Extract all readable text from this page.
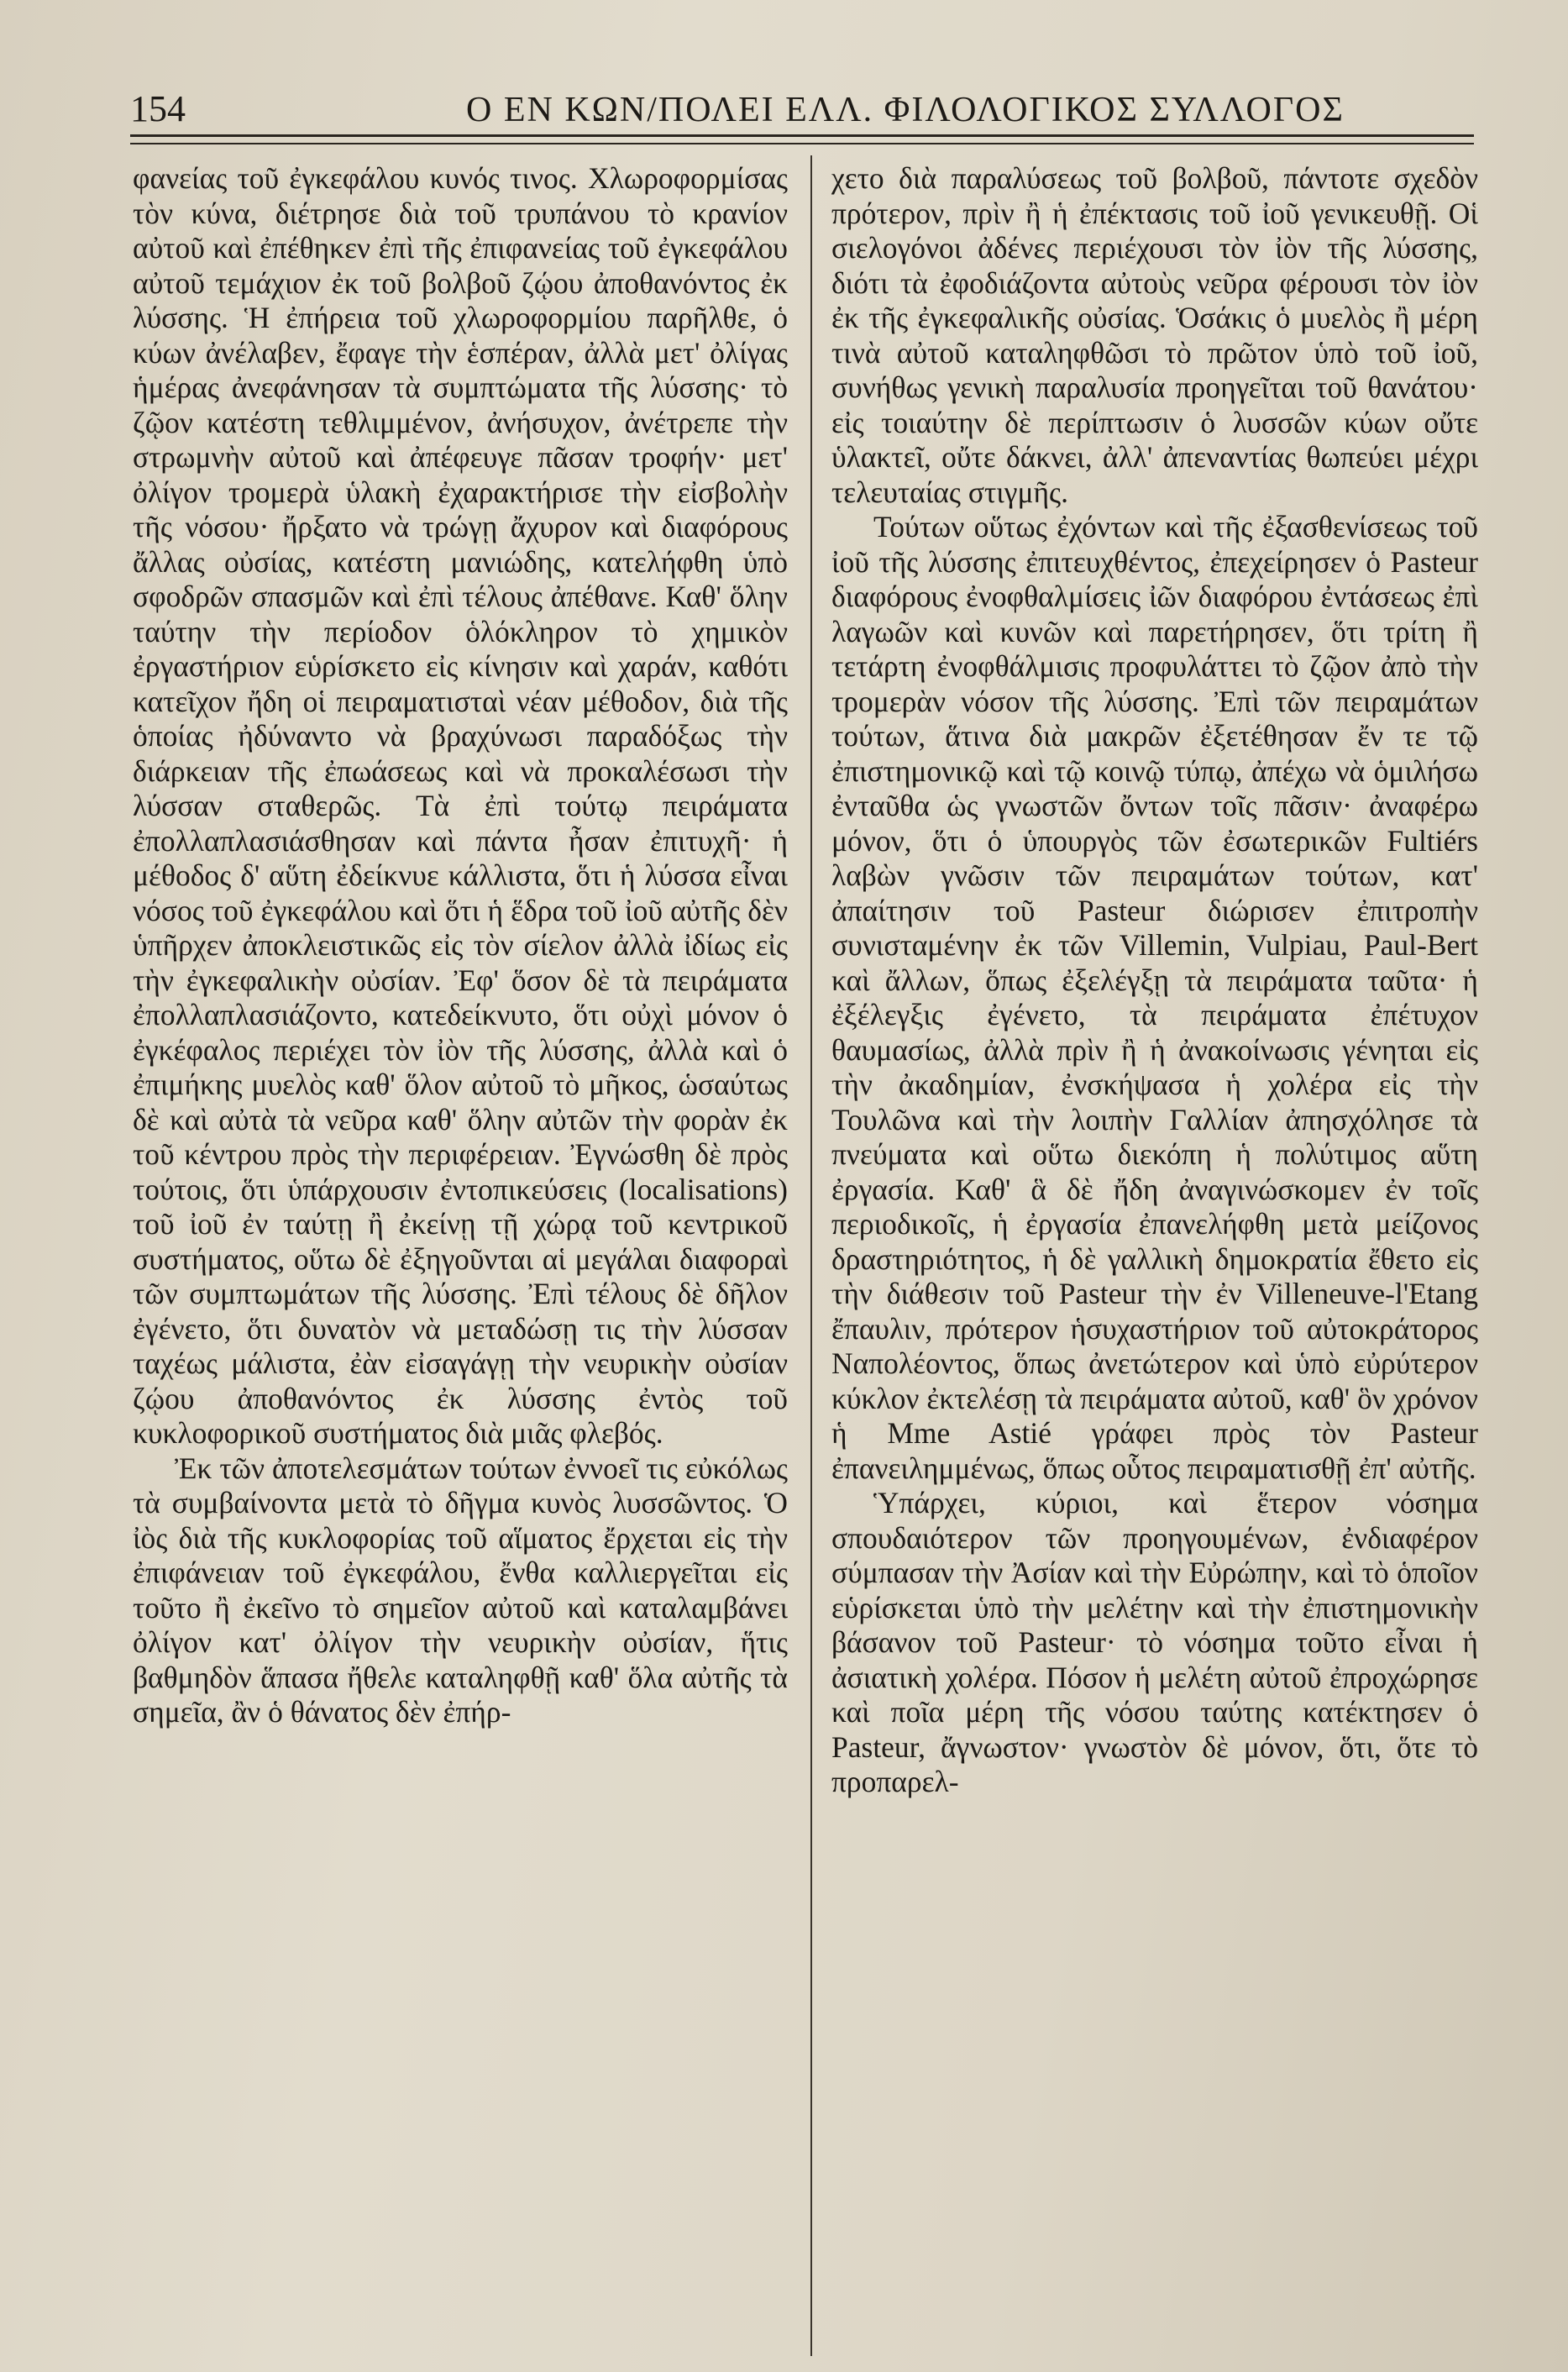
154	Ο ΕΝ ΚΩΝ/ΠΟΛΕΙ ΕΛΛ. ΦΙΛΟΛΟΓΙΚΟΣ ΣΥΛΛΟΓΟΣ

φανείας τοῦ ἐγκεφάλου κυνός τινος. Χλωροφορμίσας τὸν κύνα, διέτρησε διὰ τοῦ τρυπάνου τὸ κρανίον αὐτοῦ καὶ ἐπέθηκεν ἐπὶ τῆς ἐπιφανείας τοῦ ἐγκεφάλου αὐτοῦ τεμάχιον ἐκ τοῦ βολβοῦ ζῴου ἀποθανόντος ἐκ λύσσης. Ἡ ἐπήρεια τοῦ χλωροφορμίου παρῆλθε, ὁ κύων ἀνέλαβεν, ἔφαγε τὴν ἑσπέραν, ἀλλὰ μετ' ὀλίγας ἡμέρας ἀνεφάνησαν τὰ συμπτώματα τῆς λύσσης· τὸ ζῷον κατέστη τεθλιμμένον, ἀνήσυχον, ἀνέτρεπε τὴν στρωμνὴν αὐτοῦ καὶ ἀπέφευγε πᾶσαν τροφήν· μετ' ὀλίγον τρομερὰ ὑλακὴ ἐχαρακτήρισε τὴν εἰσβολὴν τῆς νόσου· ἤρξατο νὰ τρώγῃ ἄχυρον καὶ διαφόρους ἄλλας οὐσίας, κατέστη μανιώδης, κατελήφθη ὑπὸ σφοδρῶν σπασμῶν καὶ ἐπὶ τέλους ἀπέθανε. Καθ' ὅλην ταύτην τὴν περίοδον ὁλόκληρον τὸ χημικὸν ἐργαστήριον εὑρίσκετο εἰς κίνησιν καὶ χαράν, καθότι κατεῖχον ἤδη οἱ πειραματισταὶ νέαν μέθοδον, διὰ τῆς ὁποίας ἠδύναντο νὰ βραχύνωσι παραδόξως τὴν διάρκειαν τῆς ἐπωάσεως καὶ νὰ προκαλέσωσι τὴν λύσσαν σταθερῶς. Τὰ ἐπὶ τούτῳ πειράματα ἐπολλαπλασιάσθησαν καὶ πάντα ἦσαν ἐπιτυχῆ· ἡ μέθοδος δ' αὕτη ἐδείκνυε κάλλιστα, ὅτι ἡ λύσσα εἶναι νόσος τοῦ ἐγκεφάλου καὶ ὅτι ἡ ἕδρα τοῦ ἰοῦ αὐτῆς δὲν ὑπῆρχεν ἀποκλειστικῶς εἰς τὸν σίελον ἀλλὰ ἰδίως εἰς τὴν ἐγκεφαλικὴν οὐσίαν. Ἐφ' ὅσον δὲ τὰ πειράματα ἐπολλαπλασιάζοντο, κατεδείκνυτο, ὅτι οὐχὶ μόνον ὁ ἐγκέφαλος περιέχει τὸν ἰὸν τῆς λύσσης, ἀλλὰ καὶ ὁ ἐπιμήκης μυελὸς καθ' ὅλον αὐτοῦ τὸ μῆκος, ὡσαύτως δὲ καὶ αὐτὰ τὰ νεῦρα καθ' ὅλην αὐτῶν τὴν φορὰν ἐκ τοῦ κέντρου πρὸς τὴν περιφέρειαν. Ἐγνώσθη δὲ πρὸς τούτοις, ὅτι ὑπάρχουσιν ἐντοπικεύσεις (localisations) τοῦ ἰοῦ ἐν ταύτῃ ἢ ἐκείνῃ τῇ χώρᾳ τοῦ κεντρικοῦ συστήματος, οὕτω δὲ ἐξηγοῦνται αἱ μεγάλαι διαφοραὶ τῶν συμπτωμάτων τῆς λύσσης. Ἐπὶ τέλους δὲ δῆλον ἐγένετο, ὅτι δυνατὸν νὰ μεταδώσῃ τις τὴν λύσσαν ταχέως μάλιστα, ἐὰν εἰσαγάγῃ τὴν νευρικὴν οὐσίαν ζῴου ἀποθανόντος ἐκ λύσσης ἐντὸς τοῦ κυκλοφορικοῦ συστήματος διὰ μιᾶς φλεβός.

Ἐκ τῶν ἀποτελεσμάτων τούτων ἐννοεῖ τις εὐκόλως τὰ συμβαίνοντα μετὰ τὸ δῆγμα κυνὸς λυσσῶντος. Ὁ ἰὸς διὰ τῆς κυκλοφορίας τοῦ αἵματος ἔρχεται εἰς τὴν ἐπιφάνειαν τοῦ ἐγκεφάλου, ἔνθα καλλιεργεῖται εἰς τοῦτο ἢ ἐκεῖνο τὸ σημεῖον αὐτοῦ καὶ καταλαμβάνει ὀλίγον κατ' ὀλίγον τὴν νευρικὴν οὐσίαν, ἥτις βαθμηδὸν ἅπασα ἤθελε καταληφθῇ καθ' ὅλα αὐτῆς τὰ σημεῖα, ἂν ὁ θάνατος δὲν ἐπήρ-

χετο διὰ παραλύσεως τοῦ βολβοῦ, πάντοτε σχεδὸν πρότερον, πρὶν ἢ ἡ ἐπέκτασις τοῦ ἰοῦ γενικευθῇ. Οἱ σιελογόνοι ἀδένες περιέχουσι τὸν ἰὸν τῆς λύσσης, διότι τὰ ἐφοδιάζοντα αὐτοὺς νεῦρα φέρουσι τὸν ἰὸν ἐκ τῆς ἐγκεφαλικῆς οὐσίας. Ὁσάκις ὁ μυελὸς ἢ μέρη τινὰ αὐτοῦ καταληφθῶσι τὸ πρῶτον ὑπὸ τοῦ ἰοῦ, συνήθως γενικὴ παραλυσία προηγεῖται τοῦ θανάτου· εἰς τοιαύτην δὲ περίπτωσιν ὁ λυσσῶν κύων οὔτε ὑλακτεῖ, οὔτε δάκνει, ἀλλ' ἀπεναντίας θωπεύει μέχρι τελευταίας στιγμῆς.

Τούτων οὕτως ἐχόντων καὶ τῆς ἐξασθενίσεως τοῦ ἰοῦ τῆς λύσσης ἐπιτευχθέντος, ἐπεχείρησεν ὁ Pasteur διαφόρους ἐνοφθαλμίσεις ἰῶν διαφόρου ἐντάσεως ἐπὶ λαγωῶν καὶ κυνῶν καὶ παρετήρησεν, ὅτι τρίτη ἢ τετάρτη ἐνοφθάλμισις προφυλάττει τὸ ζῷον ἀπὸ τὴν τρομερὰν νόσον τῆς λύσσης. Ἐπὶ τῶν πειραμάτων τούτων, ἅτινα διὰ μακρῶν ἐξετέθησαν ἔν τε τῷ ἐπιστημονικῷ καὶ τῷ κοινῷ τύπῳ, ἀπέχω νὰ ὁμιλήσω ἐνταῦθα ὡς γνωστῶν ὄντων τοῖς πᾶσιν· ἀναφέρω μόνον, ὅτι ὁ ὑπουργὸς τῶν ἐσωτερικῶν Fultiérs λαβὼν γνῶσιν τῶν πειραμάτων τούτων, κατ' ἀπαίτησιν τοῦ Pasteur διώρισεν ἐπιτροπὴν συνισταμένην ἐκ τῶν Villemin, Vulpiau, Paul-Bert καὶ ἄλλων, ὅπως ἐξελέγξῃ τὰ πειράματα ταῦτα· ἡ ἐξέλεγξις ἐγένετο, τὰ πειράματα ἐπέτυχον θαυμασίως, ἀλλὰ πρὶν ἢ ἡ ἀνακοίνωσις γένηται εἰς τὴν ἀκαδημίαν, ἐνσκήψασα ἡ χολέρα εἰς τὴν Τουλῶνα καὶ τὴν λοιπὴν Γαλλίαν ἀπησχόλησε τὰ πνεύματα καὶ οὕτω διεκόπη ἡ πολύτιμος αὕτη ἐργασία. Καθ' ἃ δὲ ἤδη ἀναγινώσκομεν ἐν τοῖς περιοδικοῖς, ἡ ἐργασία ἐπανελήφθη μετὰ μείζονος δραστηριότητος, ἡ δὲ γαλλικὴ δημοκρατία ἔθετο εἰς τὴν διάθεσιν τοῦ Pasteur τὴν ἐν Villeneuve-l'Etang ἔπαυλιν, πρότερον ἡσυχαστήριον τοῦ αὐτοκράτορος Ναπολέοντος, ὅπως ἀνετώτερον καὶ ὑπὸ εὐρύτερον κύκλον ἐκτελέσῃ τὰ πειράματα αὐτοῦ, καθ' ὃν χρόνον ἡ Mme Astié γράφει πρὸς τὸν Pasteur ἐπανειλημμένως, ὅπως οὗτος πειραματισθῇ ἐπ' αὐτῆς.

Ὑπάρχει, κύριοι, καὶ ἕτερον νόσημα σπουδαιότερον τῶν προηγουμένων, ἐνδιαφέρον σύμπασαν τὴν Ἀσίαν καὶ τὴν Εὐρώπην, καὶ τὸ ὁποῖον εὑρίσκεται ὑπὸ τὴν μελέτην καὶ τὴν ἐπιστημονικὴν βάσανον τοῦ Pasteur· τὸ νόσημα τοῦτο εἶναι ἡ ἀσιατικὴ χολέρα. Πόσον ἡ μελέτη αὐτοῦ ἐπροχώρησε καὶ ποῖα μέρη τῆς νόσου ταύτης κατέκτησεν ὁ Pasteur, ἄγνωστον· γνωστὸν δὲ μόνον, ὅτι, ὅτε τὸ προπαρελ-
